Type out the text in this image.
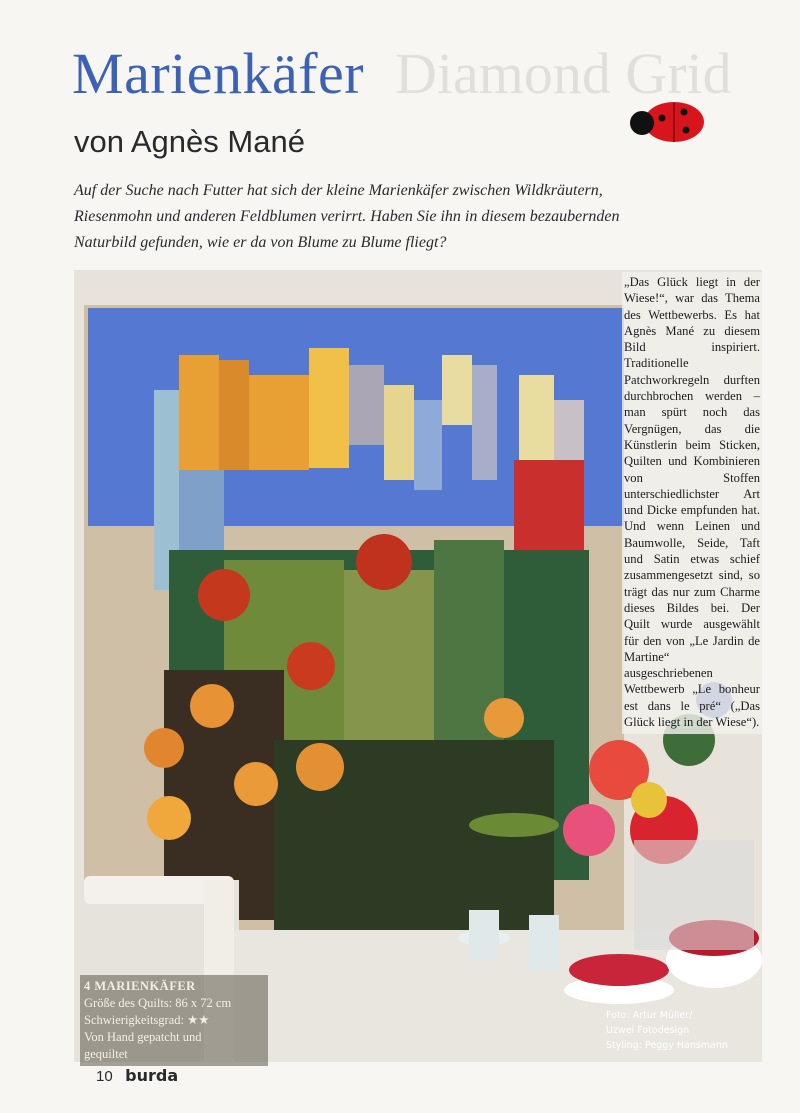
Diamond Grid
Marienkäfer
von Agnès Mané

Auf der Suche nach Futter hat sich der kleine Marienkäfer zwischen Wildkräutern, Riesenmohn und anderen Feldblumen verirrt. Haben Sie ihn in diesem bezaubernden Naturbild gefunden, wie er da von Blume zu Blume fliegt?

„Das Glück liegt in der Wiese!“, war das Thema des Wettbewerbs. Es hat Agnès Mané zu diesem Bild inspiriert. Traditionelle Patchworkregeln durften durchbrochen werden – man spürt noch das Vergnügen, das die Künstlerin beim Sticken, Quilten und Kombinieren von Stoffen unterschiedlichster Art und Dicke empfunden hat. Und wenn Leinen und Baumwolle, Seide, Taft und Satin etwas schief zusammengesetzt sind, so trägt das nur zum Charme dieses Bildes bei. Der Quilt wurde ausgewählt für den von „Le Jardin de Martine“ ausgeschriebenen Wettbewerb „Le bonheur est dans le pré“ („Das Glück liegt in der Wiese“).

4 MARIENKÄFER
Größe des Quilts: 86 x 72 cm
Schwierigkeitsgrad: ★★
Von Hand gepatcht und
gequiltet
Foto: Artur Müller/
Uzwei Fotodesign
Styling: Peggy Hansmann
10 burda
